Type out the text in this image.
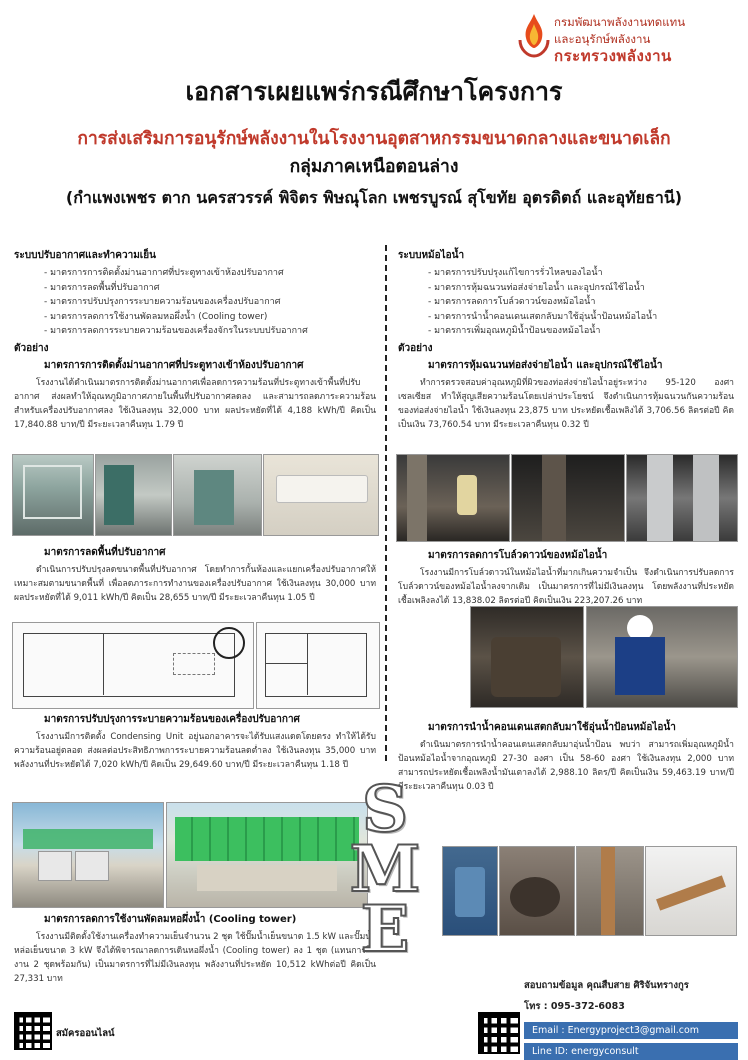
กรมพัฒนาพลังงานทดแทน
และอนุรักษ์พลังงาน
กระทรวงพลังงาน
เอกสารเผยแพร่กรณีศึกษาโครงการ
การส่งเสริมการอนุรักษ์พลังงานในโรงงานอุตสาหกรรมขนาดกลางและขนาดเล็ก
กลุ่มภาคเหนือตอนล่าง
(กำแพงเพชร ตาก นครสวรรค์ พิจิตร พิษณุโลก เพชรบูรณ์ สุโขทัย อุตรดิตถ์ และอุทัยธานี)
ระบบปรับอากาศและทำความเย็น
- มาตรการการติดตั้งม่านอากาศที่ประตูทางเข้าห้องปรับอากาศ
- มาตรการลดพื้นที่ปรับอากาศ
- มาตรการปรับปรุงการระบายความร้อนของเครื่องปรับอากาศ
- มาตรการลดการใช้งานพัดลมหอผึ่งน้ำ (Cooling tower)
- มาตรการลดการระบายความร้อนของเครื่องจักรในระบบปรับอากาศ
ตัวอย่าง
มาตรการการติดตั้งม่านอากาศที่ประตูทางเข้าห้องปรับอากาศ
โรงงานได้ดำเนินมาตรการติดตั้งม่านอากาศเพื่อลดการความร้อนที่ประตูทางเข้าพื้นที่ปรับอากาศ ส่งผลทำให้อุณหภูมิอากาศภายในพื้นที่ปรับอากาศลดลง และสามารถลดภาระความร้อนสำหรับเครื่องปรับอากาศลง ใช้เงินลงทุน 32,000 บาท ผลประหยัดที่ได้ 4,188 kWh/ปี คิดเป็น 17,840.88 บาท/ปี มีระยะเวลาคืนทุน 1.79 ปี
มาตรการลดพื้นที่ปรับอากาศ
ดำเนินการปรับปรุงลดขนาดพื้นที่ปรับอากาศ โดยทำการกั้นห้องและแยกเครื่องปรับอากาศให้เหมาะสมตามขนาดพื้นที่ เพื่อลดภาระการทำงานของเครื่องปรับอากาศ ใช้เงินลงทุน 30,000 บาท ผลประหยัดที่ได้ 9,011 kWh/ปี คิดเป็น 28,655 บาท/ปี มีระยะเวลาคืนทุน 1.05 ปี
มาตรการปรับปรุงการระบายความร้อนของเครื่องปรับอากาศ
โรงงานมีการติดตั้ง Condensing Unit อยู่นอกอาคารจะได้รับแสงแดดโดยตรง ทำให้ได้รับความร้อนอยู่ตลอด ส่งผลต่อประสิทธิภาพการระบายความร้อนลดต่ำลง ใช้เงินลงทุน 35,000 บาท พลังงานที่ประหยัดได้ 7,020 kWh/ปี คิดเป็น 29,649.60 บาท/ปี มีระยะเวลาคืนทุน 1.18 ปี
มาตรการลดการใช้งานพัดลมหอผึ่งน้ำ (Cooling tower)
โรงงานมีติดตั้งใช้งานเครื่องทำความเย็นจำนวน 2 ชุด ใช้ปั๊มน้ำเย็นขนาด 1.5 kW และปั๊มน้ำหล่อเย็นขนาด 3 kW จึงได้พิจารณาลดการเดินหอผึ่งน้ำ (Cooling tower) ลง 1 ชุด (แทนการใช้งาน 2 ชุดพร้อมกัน) เป็นมาตรการที่ไม่มีเงินลงทุน พลังงานที่ประหยัด 10,512 kWhต่อปี คิดเป็น 27,331 บาท
ระบบหม้อไอน้ำ
- มาตรการปรับปรุงแก้ไขการรั่วไหลของไอน้ำ
- มาตรการหุ้มฉนวนท่อส่งจ่ายไอน้ำ และอุปกรณ์ใช้ไอน้ำ
- มาตรการลดการโบล์วดาวน์ของหม้อไอน้ำ
- มาตรการนำน้ำคอนเดนเสตกลับมาใช้อุ่นน้ำป้อนหม้อไอน้ำ
- มาตรการเพิ่มอุณหภูมิน้ำป้อนของหม้อไอน้ำ
ตัวอย่าง
มาตรการหุ้มฉนวนท่อส่งจ่ายไอน้ำ และอุปกรณ์ใช้ไอน้ำ
ทำการตรวจสอบค่าอุณหภูมิที่ผิวของท่อส่งจ่ายไอน้ำอยู่ระหว่าง 95-120 องศาเซลเซียส ทำให้สูญเสียความร้อนโดยเปล่าประโยชน์ จึงดำเนินการหุ้มฉนวนกันความร้อนของท่อส่งจ่ายไอน้ำ ใช้เงินลงทุน 23,875 บาท ประหยัดเชื้อเพลิงได้ 3,706.56 ลิตรต่อปี คิดเป็นเงิน 73,760.54 บาท มีระยะเวลาคืนทุน 0.32 ปี
มาตรการลดการโบล์วดาวน์ของหม้อไอน้ำ
โรงงานมีการโบล์วดาวน์ในหม้อไอน้ำที่มากเกินความจำเป็น จึงดำเนินการปรับลดการโบล์วดาวน์ของหม้อไอน้ำลงจากเดิม เป็นมาตรการที่ไม่มีเงินลงทุน โดยพลังงานที่ประหยัดเชื้อเพลิงลงได้ 13,838.02 ลิตรต่อปี คิดเป็นเงิน 223,207.26 บาท
มาตรการนำน้ำคอนเดนเสตกลับมาใช้อุ่นน้ำป้อนหม้อไอน้ำ
ดำเนินมาตรการนำน้ำคอนเดนเสตกลับมาอุ่นน้ำป้อน พบว่า สามารถเพิ่มอุณหภูมิน้ำป้อนหม้อไอน้ำจากอุณหภูมิ 27-30 องศา เป็น 58-60 องศา ใช้เงินลงทุน 2,000 บาท สามารถประหยัดเชื้อเพลิงน้ำมันเตาลงได้ 2,988.10 ลิตร/ปี คิดเป็นเงิน 59,463.19 บาท/ปี มีระยะเวลาคืนทุน 0.03 ปี
S
M
E
สมัครออนไลน์
สอบถามข้อมูล คุณสืบสาย ศิริจันทรางกูร
โทร : 095-372-6083
Email : Energyproject3@gmail.com
Line ID: energyconsult
